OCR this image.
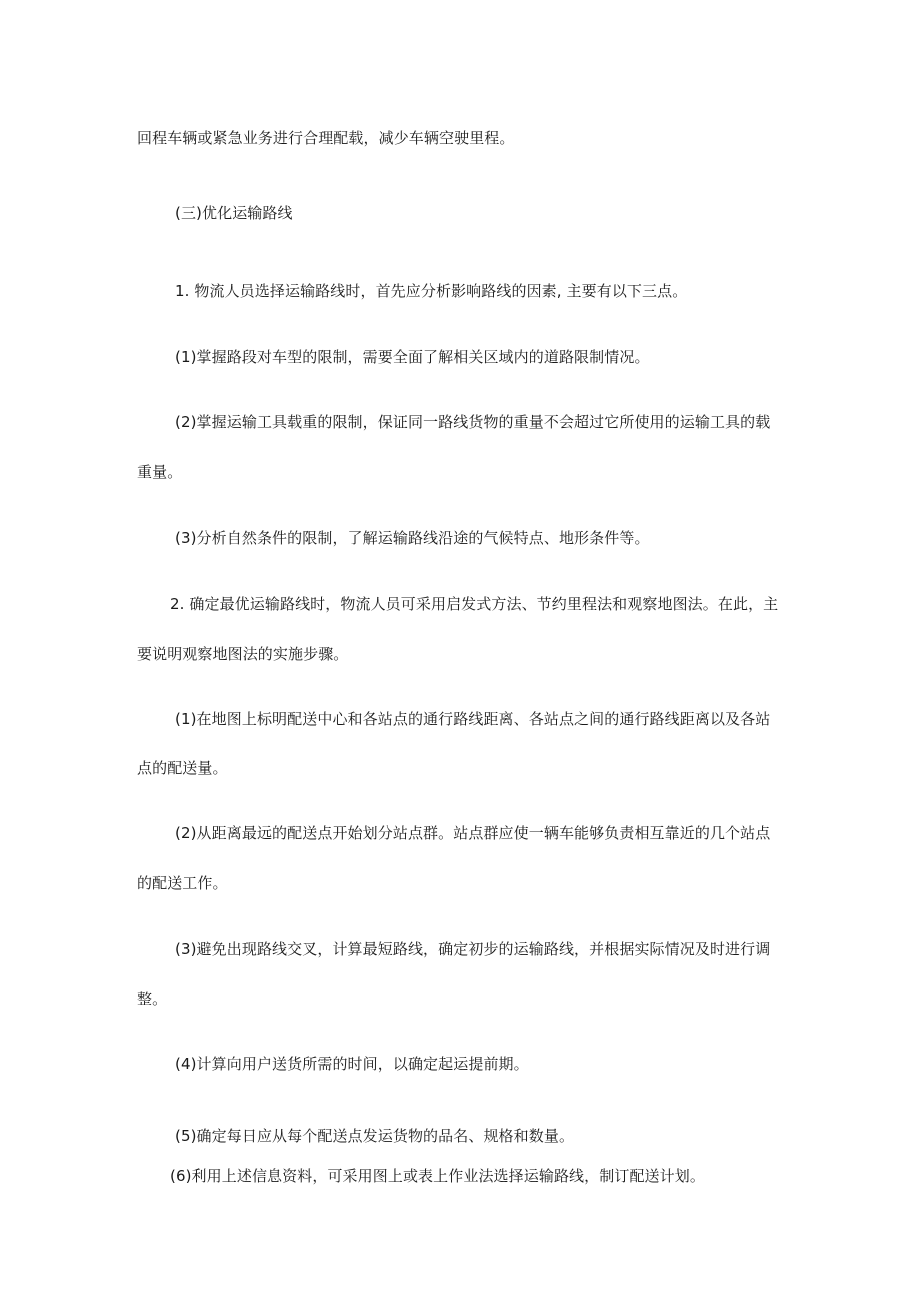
回程车辆或紧急业务进行合理配载，减少车辆空驶里程。
(三)优化运输路线
1. 物流人员选择运输路线时，首先应分析影响路线的因素, 主要有以下三点。
(1)掌握路段对车型的限制，需要全面了解相关区域内的道路限制情况。
(2)掌握运输工具载重的限制，保证同一路线货物的重量不会超过它所使用的运输工具的载
重量。
(3)分析自然条件的限制，了解运输路线沿途的气候特点、地形条件等。
2. 确定最优运输路线时，物流人员可采用启发式方法、节约里程法和观察地图法。在此，主
要说明观察地图法的实施步骤。
(1)在地图上标明配送中心和各站点的通行路线距离、各站点之间的通行路线距离以及各站
点的配送量。
(2)从距离最远的配送点开始划分站点群。站点群应使一辆车能够负责相互靠近的几个站点
的配送工作。
(3)避免出现路线交叉，计算最短路线，确定初步的运输路线，并根据实际情况及时进行调
整。
(4)计算向用户送货所需的时间，以确定起运提前期。
(5)确定每日应从每个配送点发运货物的品名、规格和数量。
(6)利用上述信息资料，可采用图上或表上作业法选择运输路线，制订配送计划。
